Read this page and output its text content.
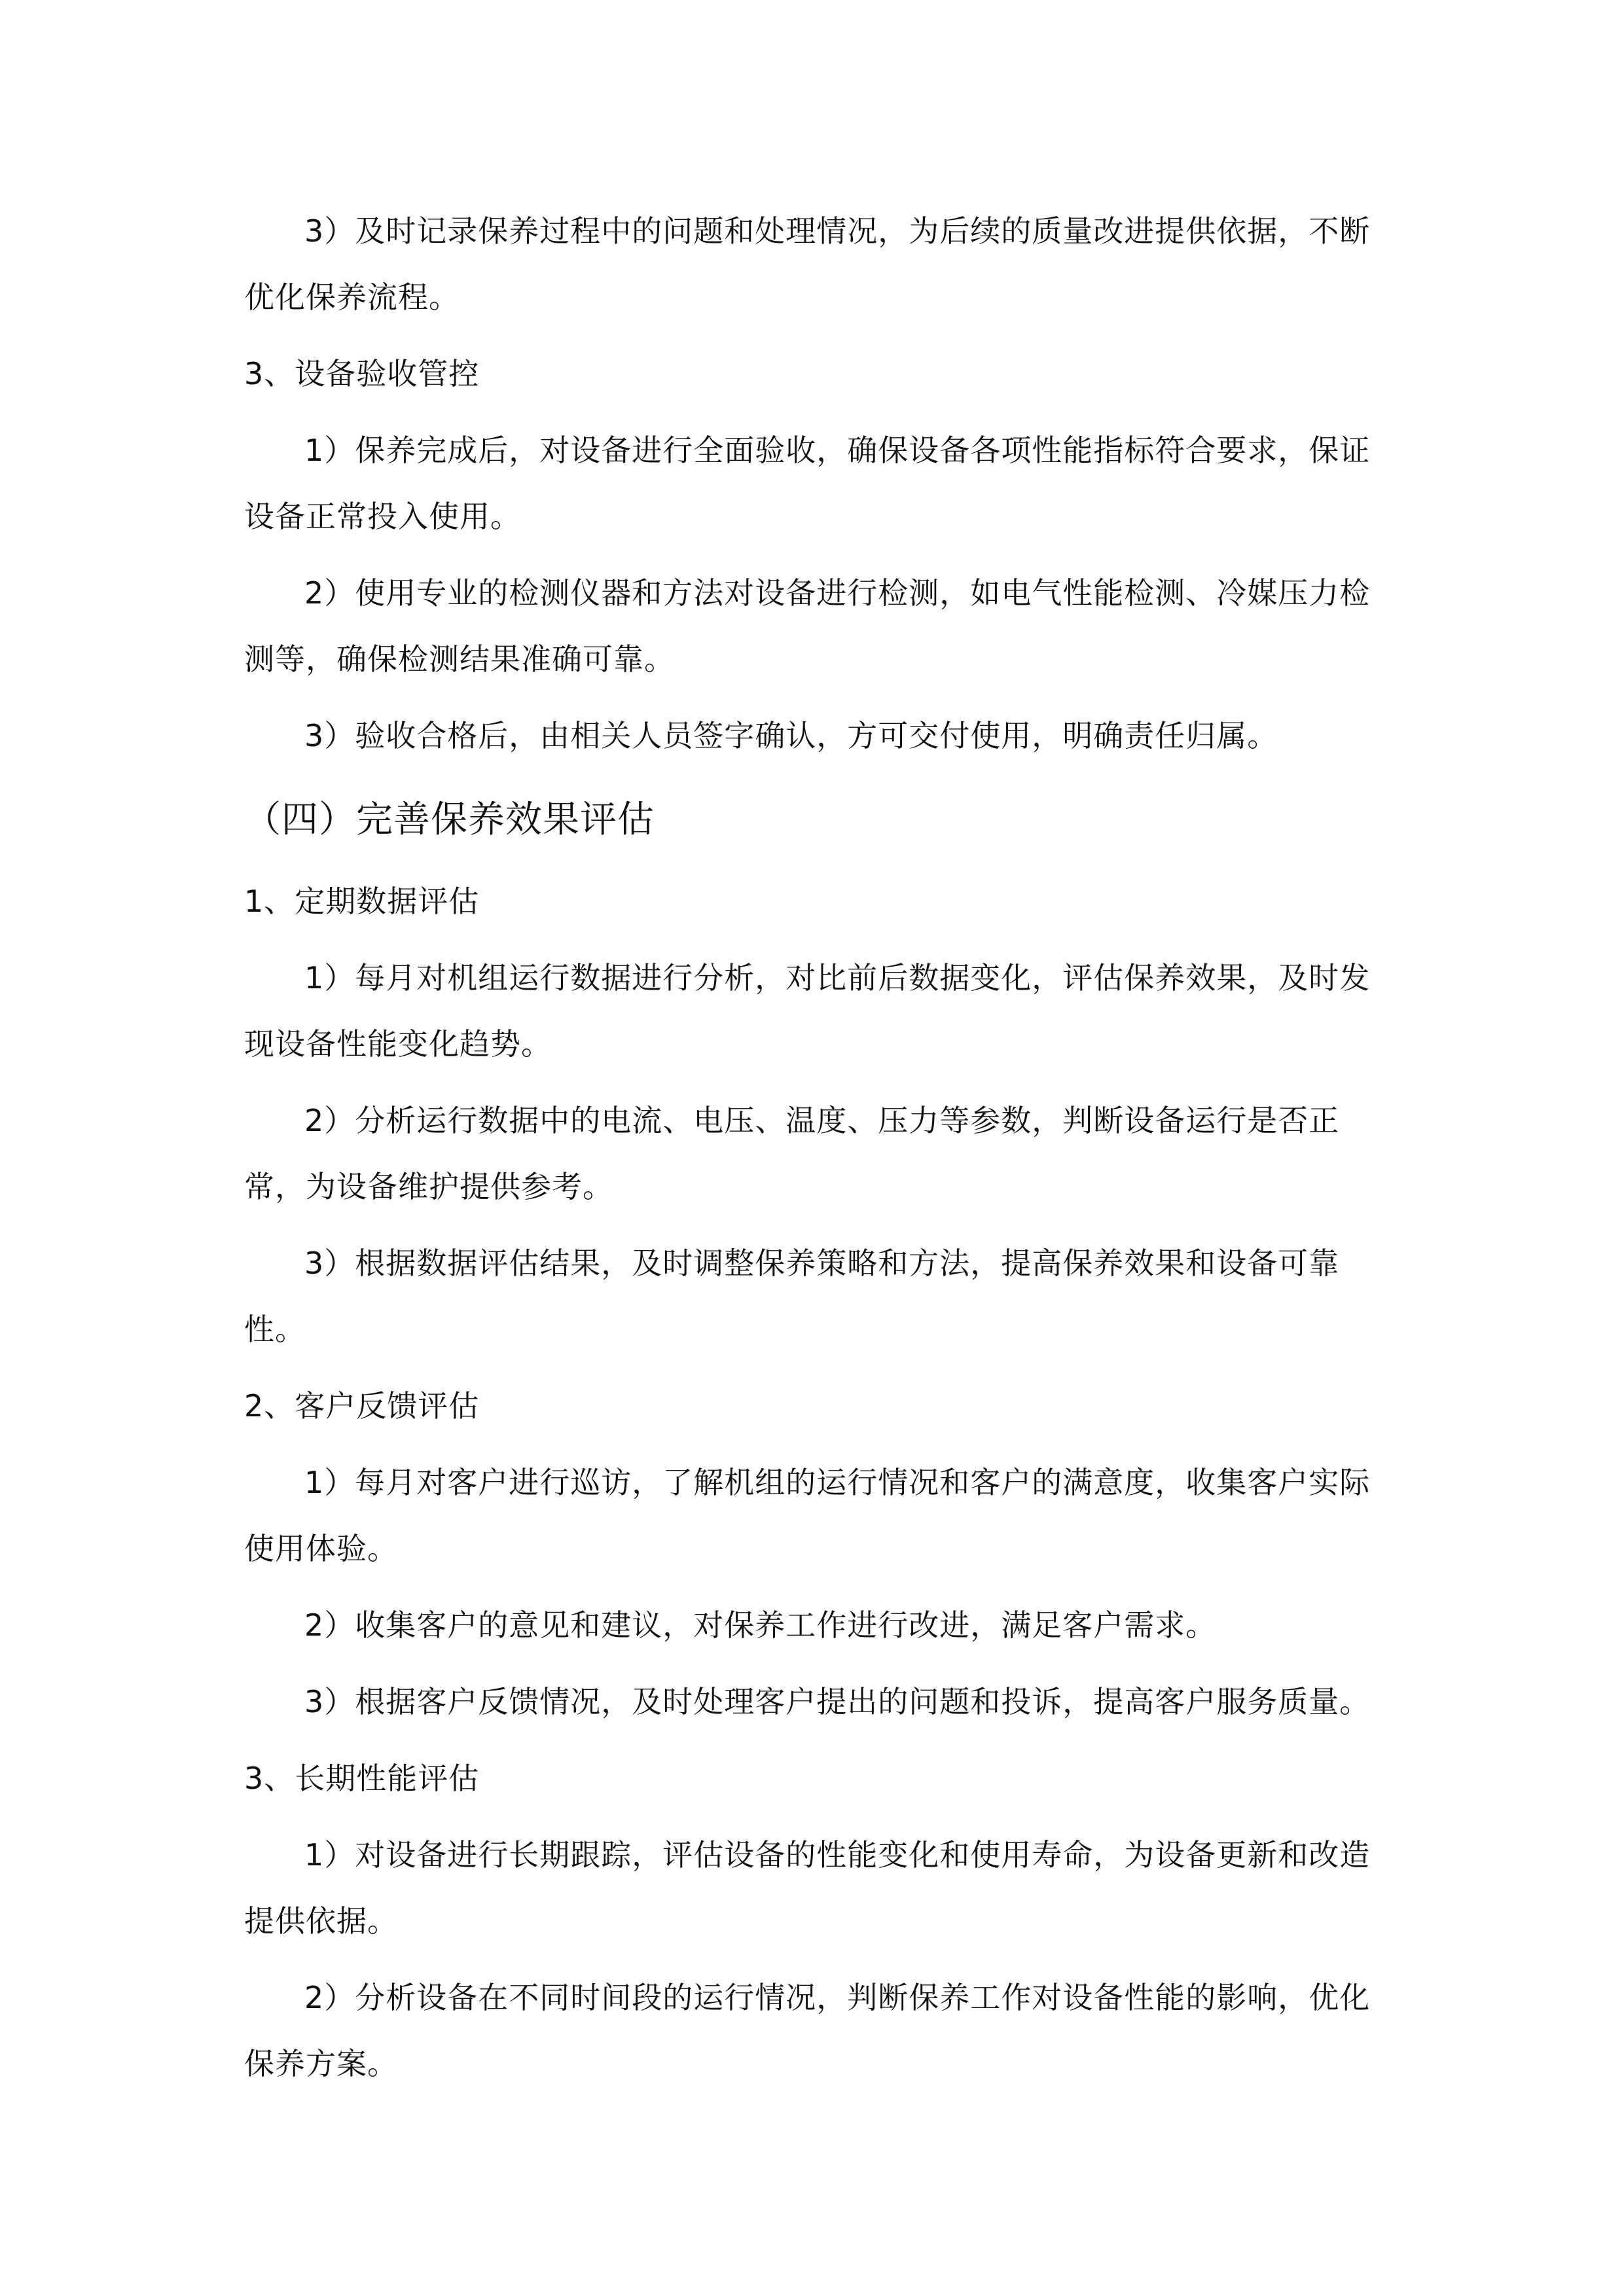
3）及时记录保养过程中的问题和处理情况，为后续的质量改进提供依据，不断优化保养流程。

3、设备验收管控

1）保养完成后，对设备进行全面验收，确保设备各项性能指标符合要求，保证设备正常投入使用。

2）使用专业的检测仪器和方法对设备进行检测，如电气性能检测、冷媒压力检测等，确保检测结果准确可靠。

3）验收合格后，由相关人员签字确认，方可交付使用，明确责任归属。

（四）完善保养效果评估

1、定期数据评估

1）每月对机组运行数据进行分析，对比前后数据变化，评估保养效果，及时发现设备性能变化趋势。

2）分析运行数据中的电流、电压、温度、压力等参数，判断设备运行是否正常，为设备维护提供参考。

3）根据数据评估结果，及时调整保养策略和方法，提高保养效果和设备可靠性。

2、客户反馈评估

1）每月对客户进行巡访，了解机组的运行情况和客户的满意度，收集客户实际使用体验。

2）收集客户的意见和建议，对保养工作进行改进，满足客户需求。

3）根据客户反馈情况，及时处理客户提出的问题和投诉，提高客户服务质量。

3、长期性能评估

1）对设备进行长期跟踪，评估设备的性能变化和使用寿命，为设备更新和改造提供依据。

2）分析设备在不同时间段的运行情况，判断保养工作对设备性能的影响，优化保养方案。
